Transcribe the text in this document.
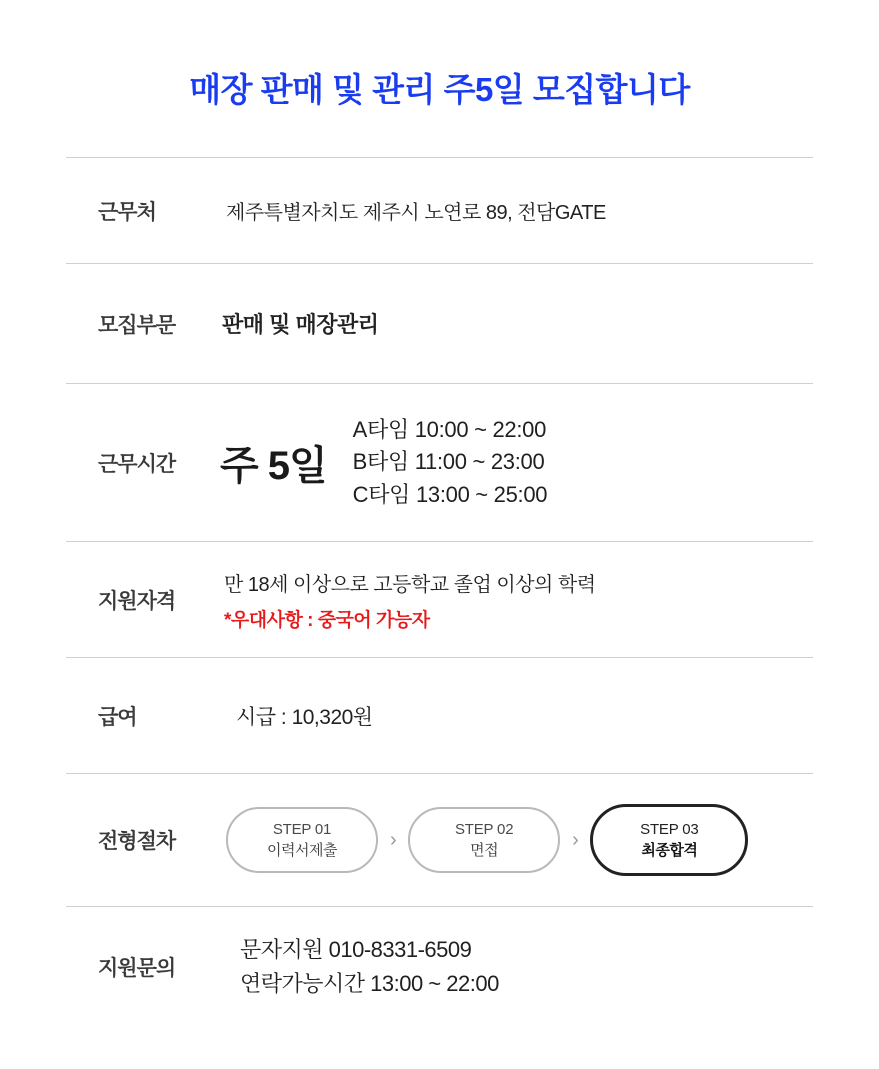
매장 판매 및 관리 주5일 모집합니다
근무처	제주특별자치도 제주시 노연로 89, 전담GATE
모집부문	판매 및 매장관리
근무시간	주 5일
A타임 10:00 ~ 22:00
B타임 11:00 ~ 23:00
C타임 13:00 ~ 25:00
지원자격
만 18세 이상으로 고등학교 졸업 이상의 학력
*우대사항 : 중국어 가능자
급여	시급 : 10,320원
전형절차
STEP 01
이력서제출	›	STEP 02
면접	›	STEP 03
최종합격
지원문의
문자지원 010-8331-6509
연락가능시간 13:00 ~ 22:00
